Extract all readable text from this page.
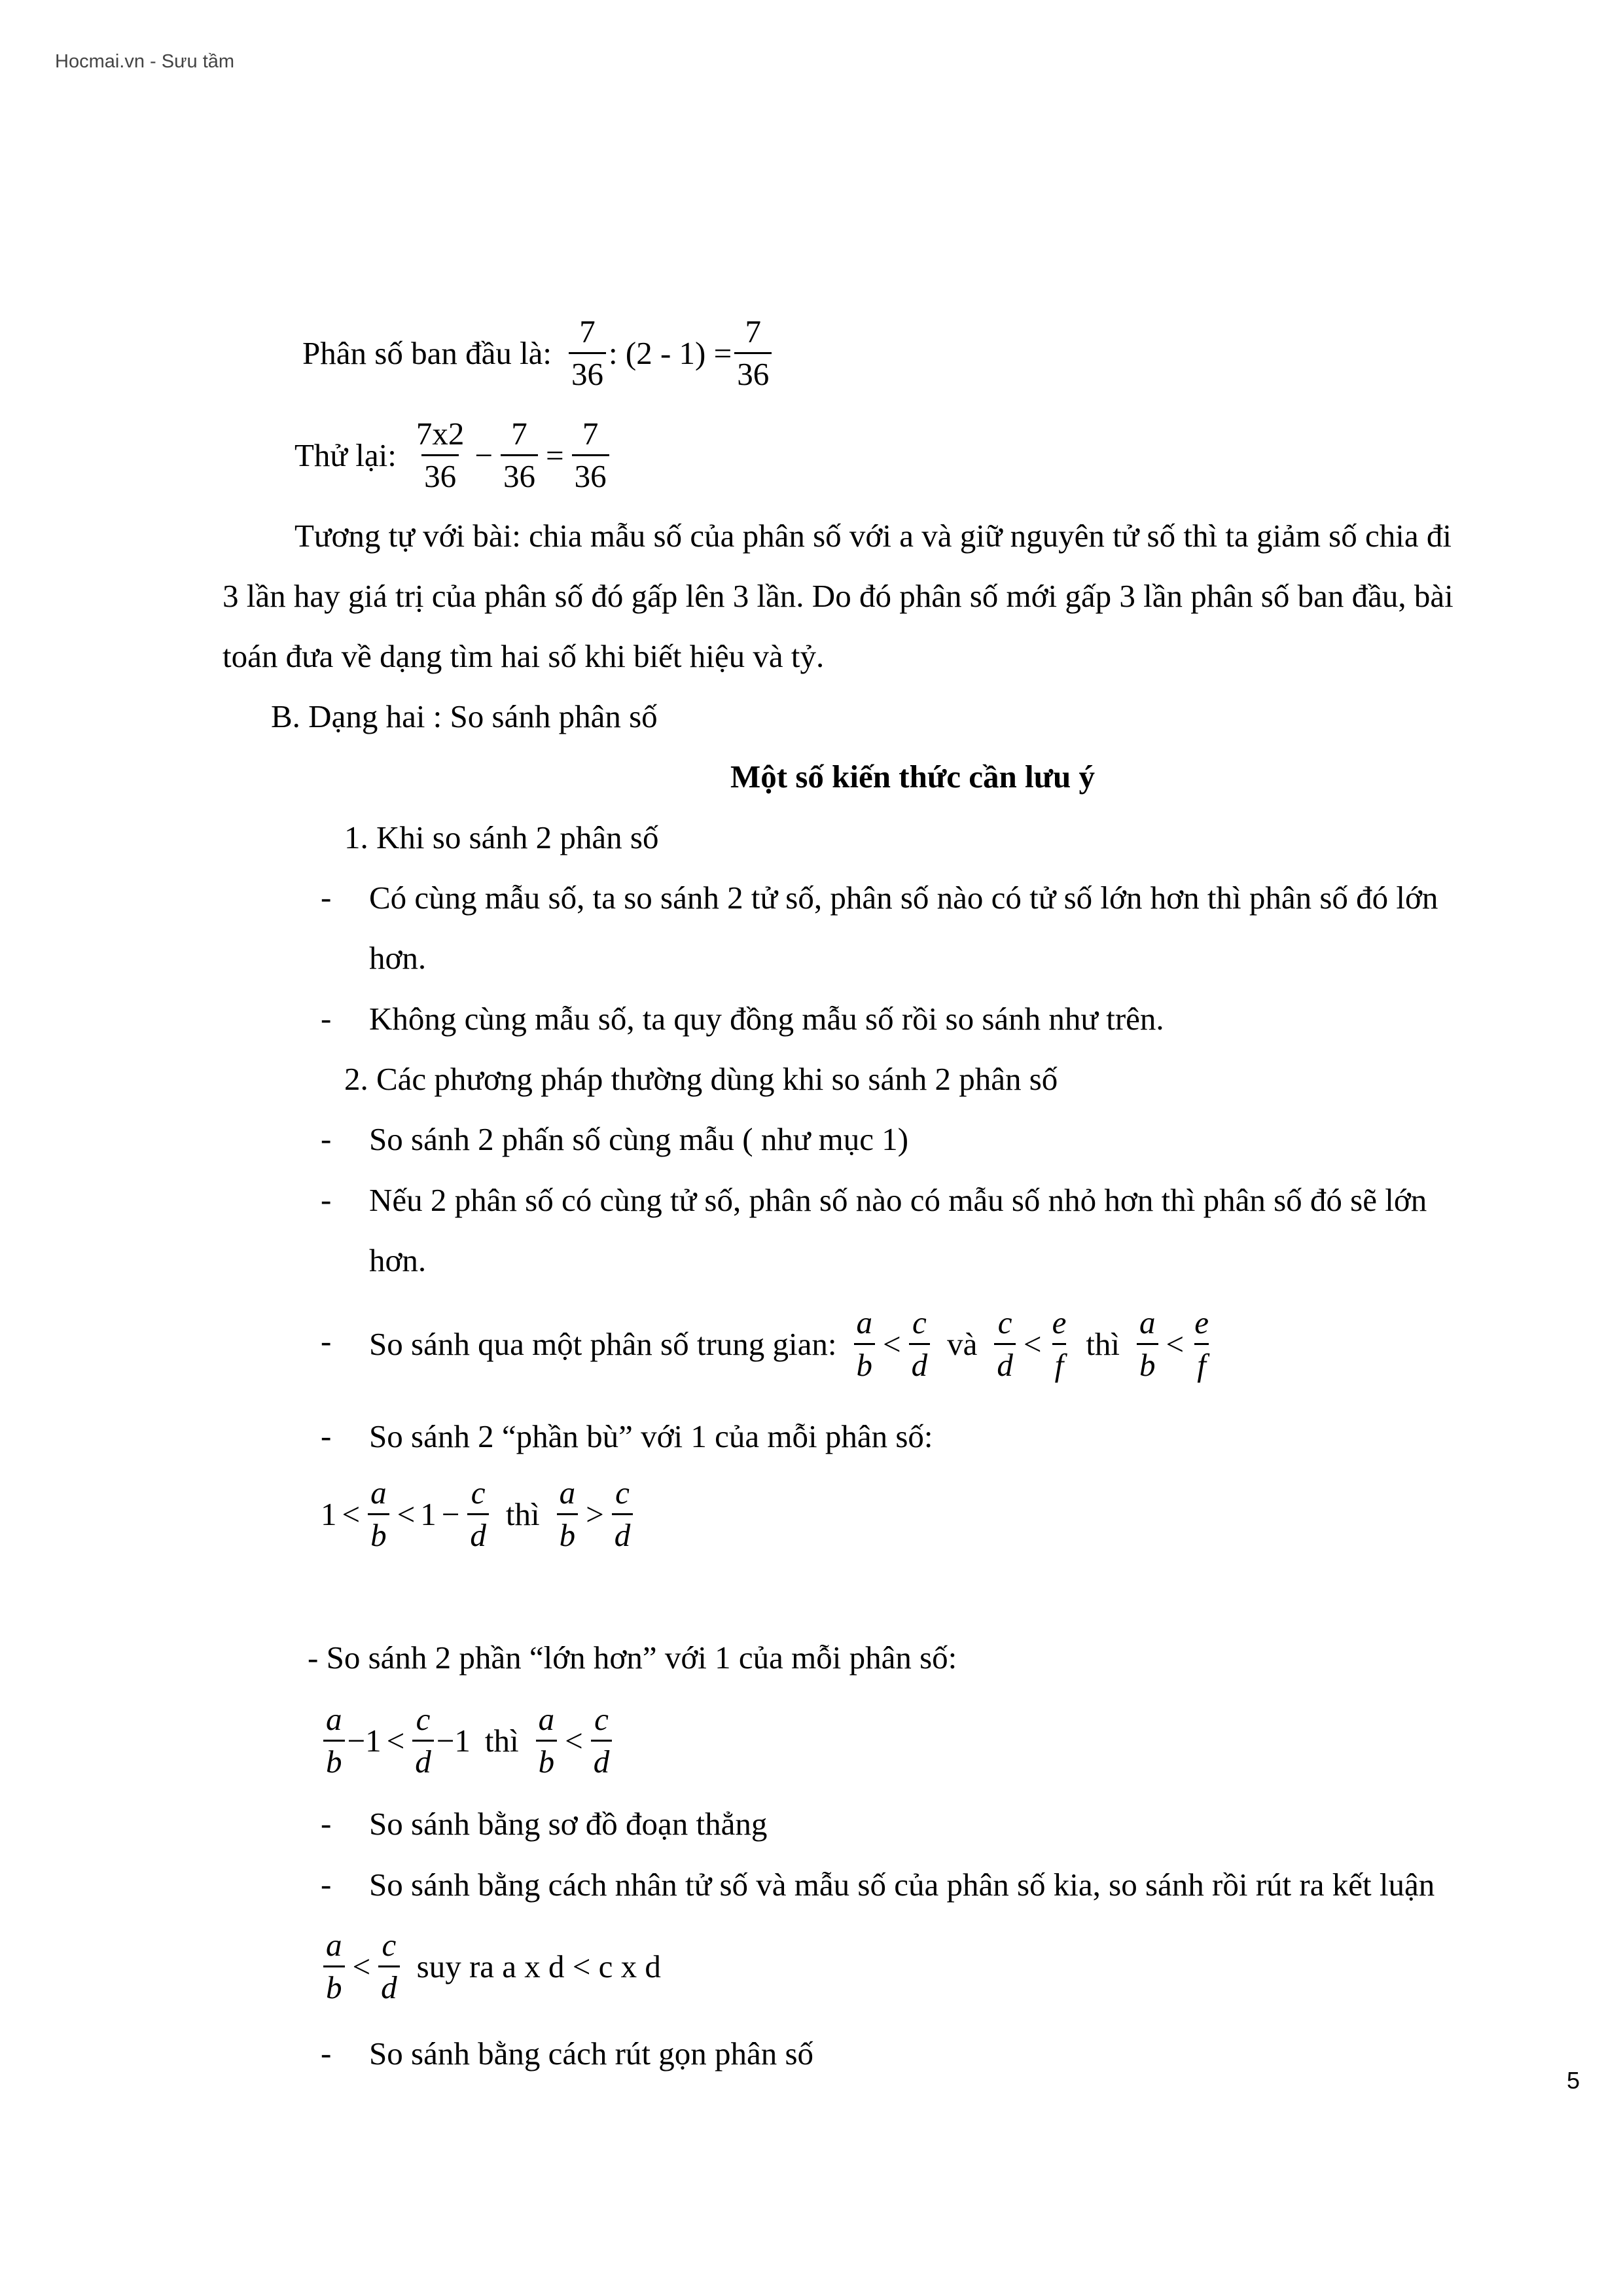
Hocmai.vn - Sưu tầm
Phân số ban đầu là: $\frac{7}{36}$ : $(2 - 1) = \frac{7}{36}$
Thử lại: $\frac{7x2}{36} - \frac{7}{36} = \frac{7}{36}$
Tương tự với bài: chia mẫu số của phân số với a và giữ nguyên tử số thì ta giảm số chia đi
3 lần hay giá trị của phân số đó gấp lên 3 lần. Do đó phân số mới gấp 3 lần phân số ban đầu, bài
toán đưa về dạng tìm hai số khi biết hiệu và tỷ.
B. Dạng hai : So sánh phân số
Một số kiến thức cần lưu ý
1. Khi so sánh 2 phân số
- Có cùng mẫu số, ta so sánh 2 tử số, phân số nào có tử số lớn hơn thì phân số đó lớn
hơn.
- Không cùng mẫu số, ta quy đồng mẫu số rồi so sánh như trên.
2. Các phương pháp thường dùng khi so sánh 2 phân số
- So sánh 2 phấn số cùng mẫu ( như mục 1)
- Nếu 2 phân số có cùng tử số, phân số nào có mẫu số nhỏ hơn thì phân số đó sẽ lớn
hơn.
- So sánh qua một phân số trung gian: $\frac{a}{b} < \frac{c}{d}$ và $\frac{c}{d} < \frac{e}{f}$ thì $\frac{a}{b} < \frac{e}{f}$
- So sánh 2 “phần bù” với 1 của mỗi phân số:
$1 < \frac{a}{b} < 1 - \frac{c}{d}$ thì $\frac{a}{b} > \frac{c}{d}$
- So sánh 2 phần “lớn hơn” với 1 của mỗi phân số:
$\frac{a}{b} -1 < \frac{c}{d} -1$ thì $\frac{a}{b} < \frac{c}{d}$
- So sánh bằng sơ đồ đoạn thẳng
- So sánh bằng cách nhân tử số và mẫu số của phân số kia, so sánh rồi rút ra kết luận
$\frac{a}{b} < \frac{c}{d}$ suy ra a x d < c x d
- So sánh bằng cách rút gọn phân số
5
